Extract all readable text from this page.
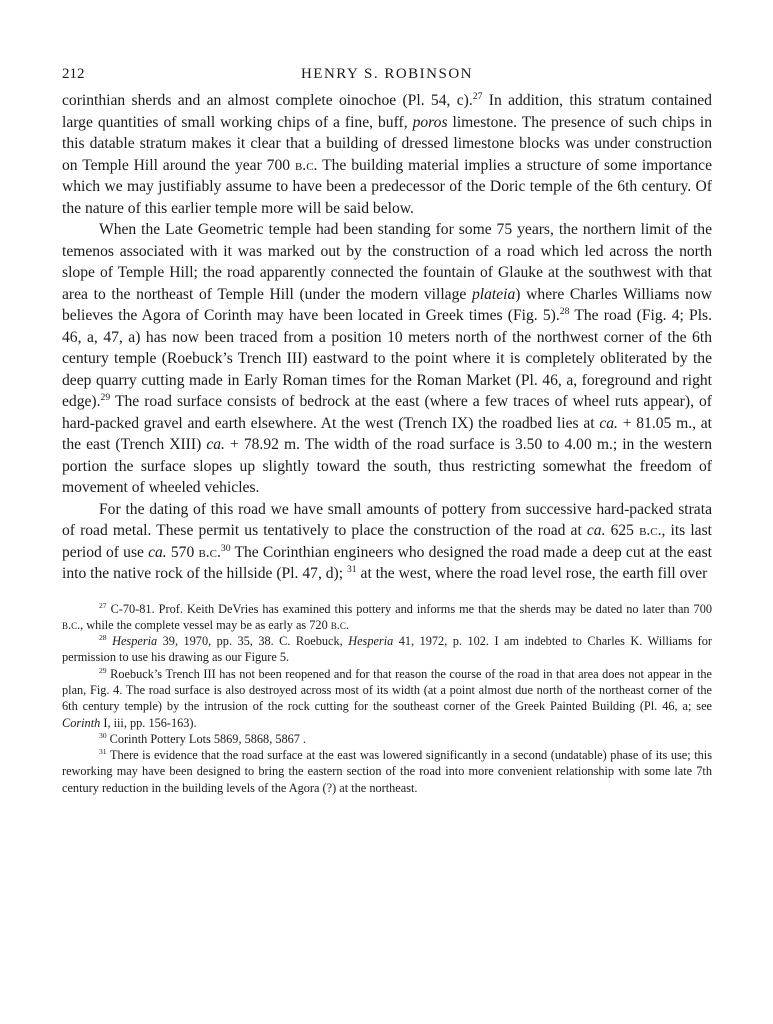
212	HENRY S. ROBINSON

corinthian sherds and an almost complete oinochoe (Pl. 54, c).$^{27}$ In addition, this stratum contained large quantities of small working chips of a fine, buff, poros limestone. The presence of such chips in this datable stratum makes it clear that a building of dressed limestone blocks was under construction on Temple Hill around the year 700 b.c. The building material implies a structure of some importance which we may justifiably assume to have been a predecessor of the Doric temple of the 6th century. Of the nature of this earlier temple more will be said below.

When the Late Geometric temple had been standing for some 75 years, the northern limit of the temenos associated with it was marked out by the construction of a road which led across the north slope of Temple Hill; the road apparently connected the fountain of Glauke at the southwest with that area to the northeast of Temple Hill (under the modern village plateia) where Charles Williams now believes the Agora of Corinth may have been located in Greek times (Fig. 5).$^{28}$ The road (Fig. 4; Pls. 46, a, 47, a) has now been traced from a position 10 meters north of the northwest corner of the 6th century temple (Roebuck’s Trench III) eastward to the point where it is completely obliterated by the deep quarry cutting made in Early Roman times for the Roman Market (Pl. 46, a, foreground and right edge).$^{29}$ The road surface consists of bedrock at the east (where a few traces of wheel ruts appear), of hard-packed gravel and earth elsewhere. At the west (Trench IX) the roadbed lies at ca. + 81.05 m., at the east (Trench XIII) ca. + 78.92 m. The width of the road surface is 3.50 to 4.00 m.; in the western portion the surface slopes up slightly toward the south, thus restricting somewhat the freedom of movement of wheeled vehicles.

For the dating of this road we have small amounts of pottery from successive hard-packed strata of road metal. These permit us tentatively to place the construction of the road at ca. 625 b.c., its last period of use ca. 570 b.c.$^{30}$ The Corinthian engineers who designed the road made a deep cut at the east into the native rock of the hillside (Pl. 47, d); $^{31}$ at the west, where the road level rose, the earth fill over

$^{27}$ C-70-81. Prof. Keith DeVries has examined this pottery and informs me that the sherds may be dated no later than 700 b.c., while the complete vessel may be as early as 720 b.c.

$^{28}$ Hesperia 39, 1970, pp. 35, 38. C. Roebuck, Hesperia 41, 1972, p. 102. I am indebted to Charles K. Williams for permission to use his drawing as our Figure 5.

$^{29}$ Roebuck’s Trench III has not been reopened and for that reason the course of the road in that area does not appear in the plan, Fig. 4. The road surface is also destroyed across most of its width (at a point almost due north of the northeast corner of the 6th century temple) by the intrusion of the rock cutting for the southeast corner of the Greek Painted Building (Pl. 46, a; see Corinth I, iii, pp. 156-163).

$^{30}$ Corinth Pottery Lots 5869, 5868, 5867 .

$^{31}$ There is evidence that the road surface at the east was lowered significantly in a second (undatable) phase of its use; this reworking may have been designed to bring the eastern section of the road into more convenient relationship with some late 7th century reduction in the building levels of the Agora (?) at the northeast.
